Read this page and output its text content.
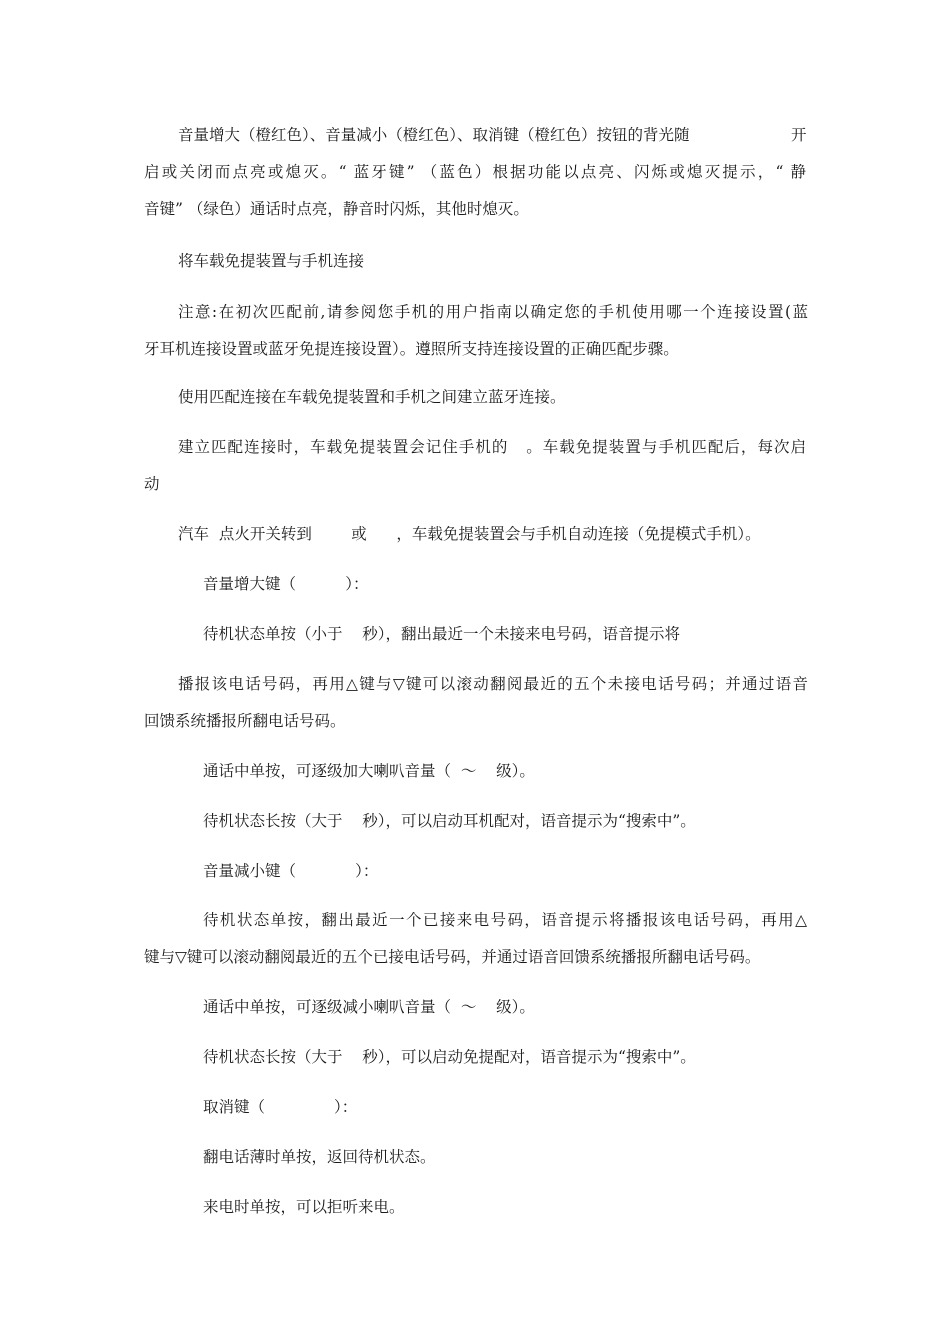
音量增大（橙红色）、音量减小（橙红色）、取消键（橙红色）按钮的背光随	开
启或关闭而点亮或熄灭。“ 蓝牙键” （蓝色）根据功能以点亮、闪烁或熄灭提示，“ 静
音键” （绿色）通话时点亮，静音时闪烁，其他时熄灭。
将车载免提装置与手机连接
注意:在初次匹配前,请参阅您手机的用户指南以确定您的手机使用哪一个连接设置(蓝
牙耳机连接设置或蓝牙免提连接设置）。遵照所支持连接设置的正确匹配步骤。
使用匹配连接在车载免提装置和手机之间建立蓝牙连接。
建立匹配连接时，车载免提装置会记住手机的   。车载免提装置与手机匹配后，每次启
动
汽车  点火开关转到        或      ，车载免提装置会与手机自动连接（免提模式手机）。
音量增大键（          ）：
待机状态单按（小于    秒），翻出最近一个未接来电号码，语音提示将
播报该电话号码，再用△键与▽键可以滚动翻阅最近的五个未接电话号码；并通过语音
回馈系统播报所翻电话号码。
通话中单按，可逐级加大喇叭音量（  ～    级）。
待机状态长按（大于    秒），可以启动耳机配对，语音提示为“搜索中”。
音量减小键（            ）：
待机状态单按，翻出最近一个已接来电号码，语音提示将播报该电话号码，再用△
键与▽键可以滚动翻阅最近的五个已接电话号码，并通过语音回馈系统播报所翻电话号码。
通话中单按，可逐级减小喇叭音量（  ～    级）。
待机状态长按（大于    秒），可以启动免提配对，语音提示为“搜索中”。
取消键（              ）：
翻电话薄时单按，返回待机状态。
来电时单按，可以拒听来电。
